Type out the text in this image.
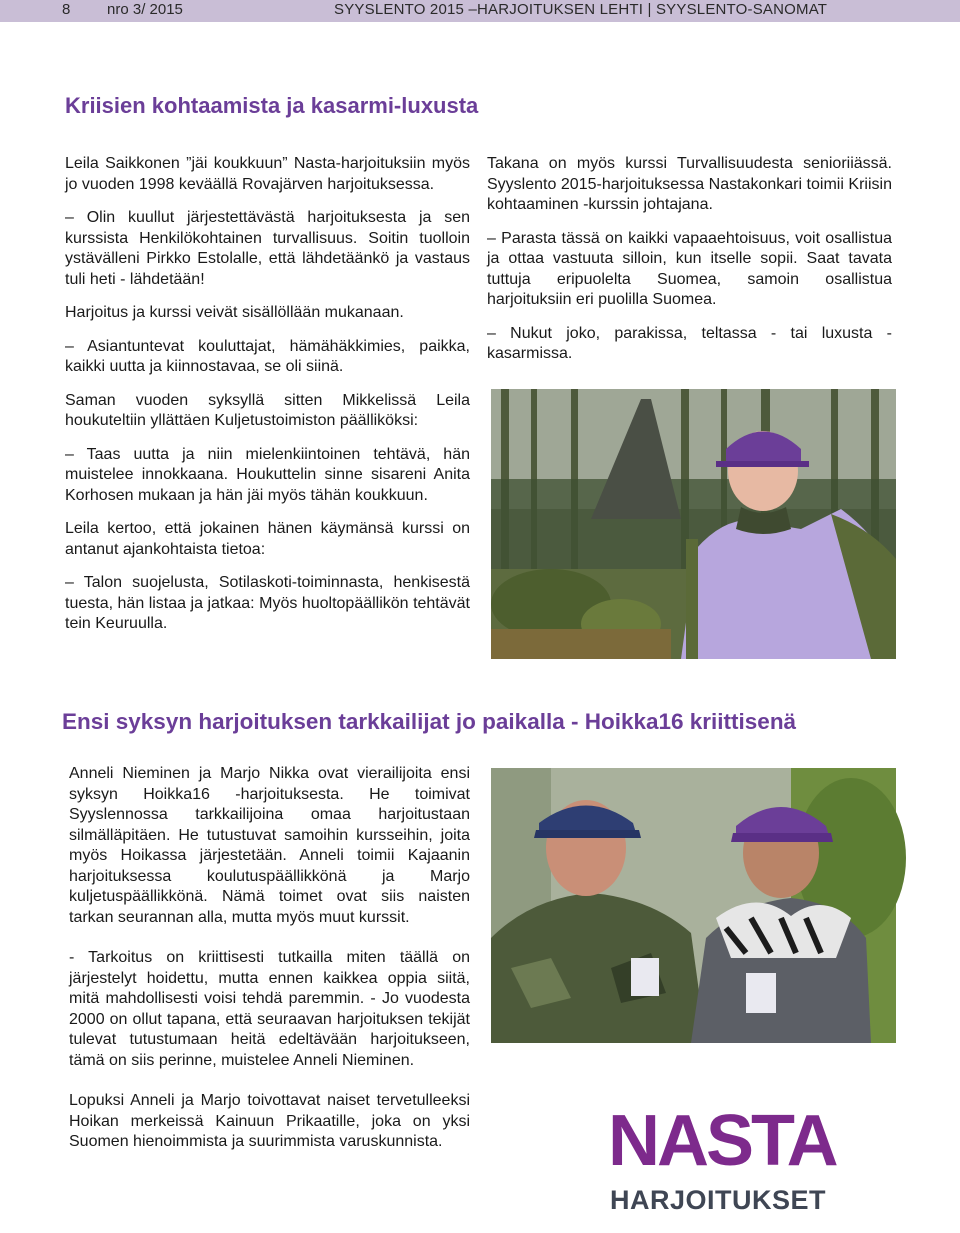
8 nro 3/ 2015	SYYSLENTO 2015 –HARJOITUKSEN LEHTI | SYYSLENTO-SANOMAT
Kriisien kohtaamista ja kasarmi-luxusta

Leila Saikkonen ”jäi koukkuun” Nasta-harjoituksiin myös jo vuoden 1998 keväällä Rovajärven harjoituksessa.

– Olin kuullut järjestettävästä harjoituksesta ja sen kurssista Henkilökohtainen turvallisuus. Soitin tuolloin ystävälleni Pirkko Estolalle, että lähdetäänkö ja vastaus tuli heti - lähdetään!

Harjoitus ja kurssi veivät sisällöllään mukanaan.

– Asiantuntevat kouluttajat, hämähäkkimies, paikka, kaikki uutta ja kiinnostavaa, se oli siinä.

Saman vuoden syksyllä sitten Mikkelissä Leila houkuteltiin yllättäen Kuljetustoimiston päälliköksi:

– Taas uutta ja niin mielenkiintoinen tehtävä, hän muistelee innokkaana. Houkuttelin sinne sisareni Anita Korhosen mukaan ja hän jäi myös tähän koukkuun.

Leila kertoo, että jokainen hänen käymänsä kurssi on antanut ajankohtaista tietoa:

– Talon suojelusta, Sotilaskoti-toiminnasta, henkisestä tuesta, hän listaa ja jatkaa: Myös huoltopäällikön tehtävät tein Keuruulla.

Takana on myös kurssi Turvallisuudesta senioriiässä. Syyslento 2015-harjoituksessa Nastakonkari toimii Kriisin kohtaaminen -kurssin johtajana.

– Parasta tässä on kaikki vapaaehtoisuus, voit osallistua ja ottaa vastuuta silloin, kun itselle sopii. Saat tavata tuttuja eripuolelta Suomea, samoin osallistua harjoituksiin eri puolilla Suomea.

– Nukut joko, parakissa, teltassa - tai luxusta - kasarmissa.

Ensi syksyn harjoituksen tarkkailijat jo paikalla - Hoikka16 kriittisenä

Anneli Nieminen ja Marjo Nikka ovat vierailijoita ensi syksyn Hoikka16 -harjoituksesta. He toimivat Syyslennossa tarkkailijoina omaa harjoitustaan silmälläpitäen. He tutustuvat samoihin kursseihin, joita myös Hoikassa järjestetään. Anneli toimii Kajaanin harjoituksessa koulutuspäällikkönä ja Marjo kuljetuspäällikkönä. Nämä toimet ovat siis naisten tarkan seurannan alla, mutta myös muut kurssit.

- Tarkoitus on kriittisesti tutkailla miten täällä on järjestelyt hoidettu, mutta ennen kaikkea oppia siitä, mitä mahdollisesti voisi tehdä paremmin. - Jo vuodesta 2000 on ollut tapana, että seuraavan harjoituksen tekijät tulevat tutustumaan heitä edeltävään harjoitukseen, tämä on siis perinne, muistelee Anneli Nieminen.

Lopuksi Anneli ja Marjo toivottavat naiset tervetulleeksi Hoikan merkeissä Kainuun Prikaatille, joka on yksi Suomen hienoimmista ja suurimmista varuskunnista.	NASTA
HARJOITUKSET
